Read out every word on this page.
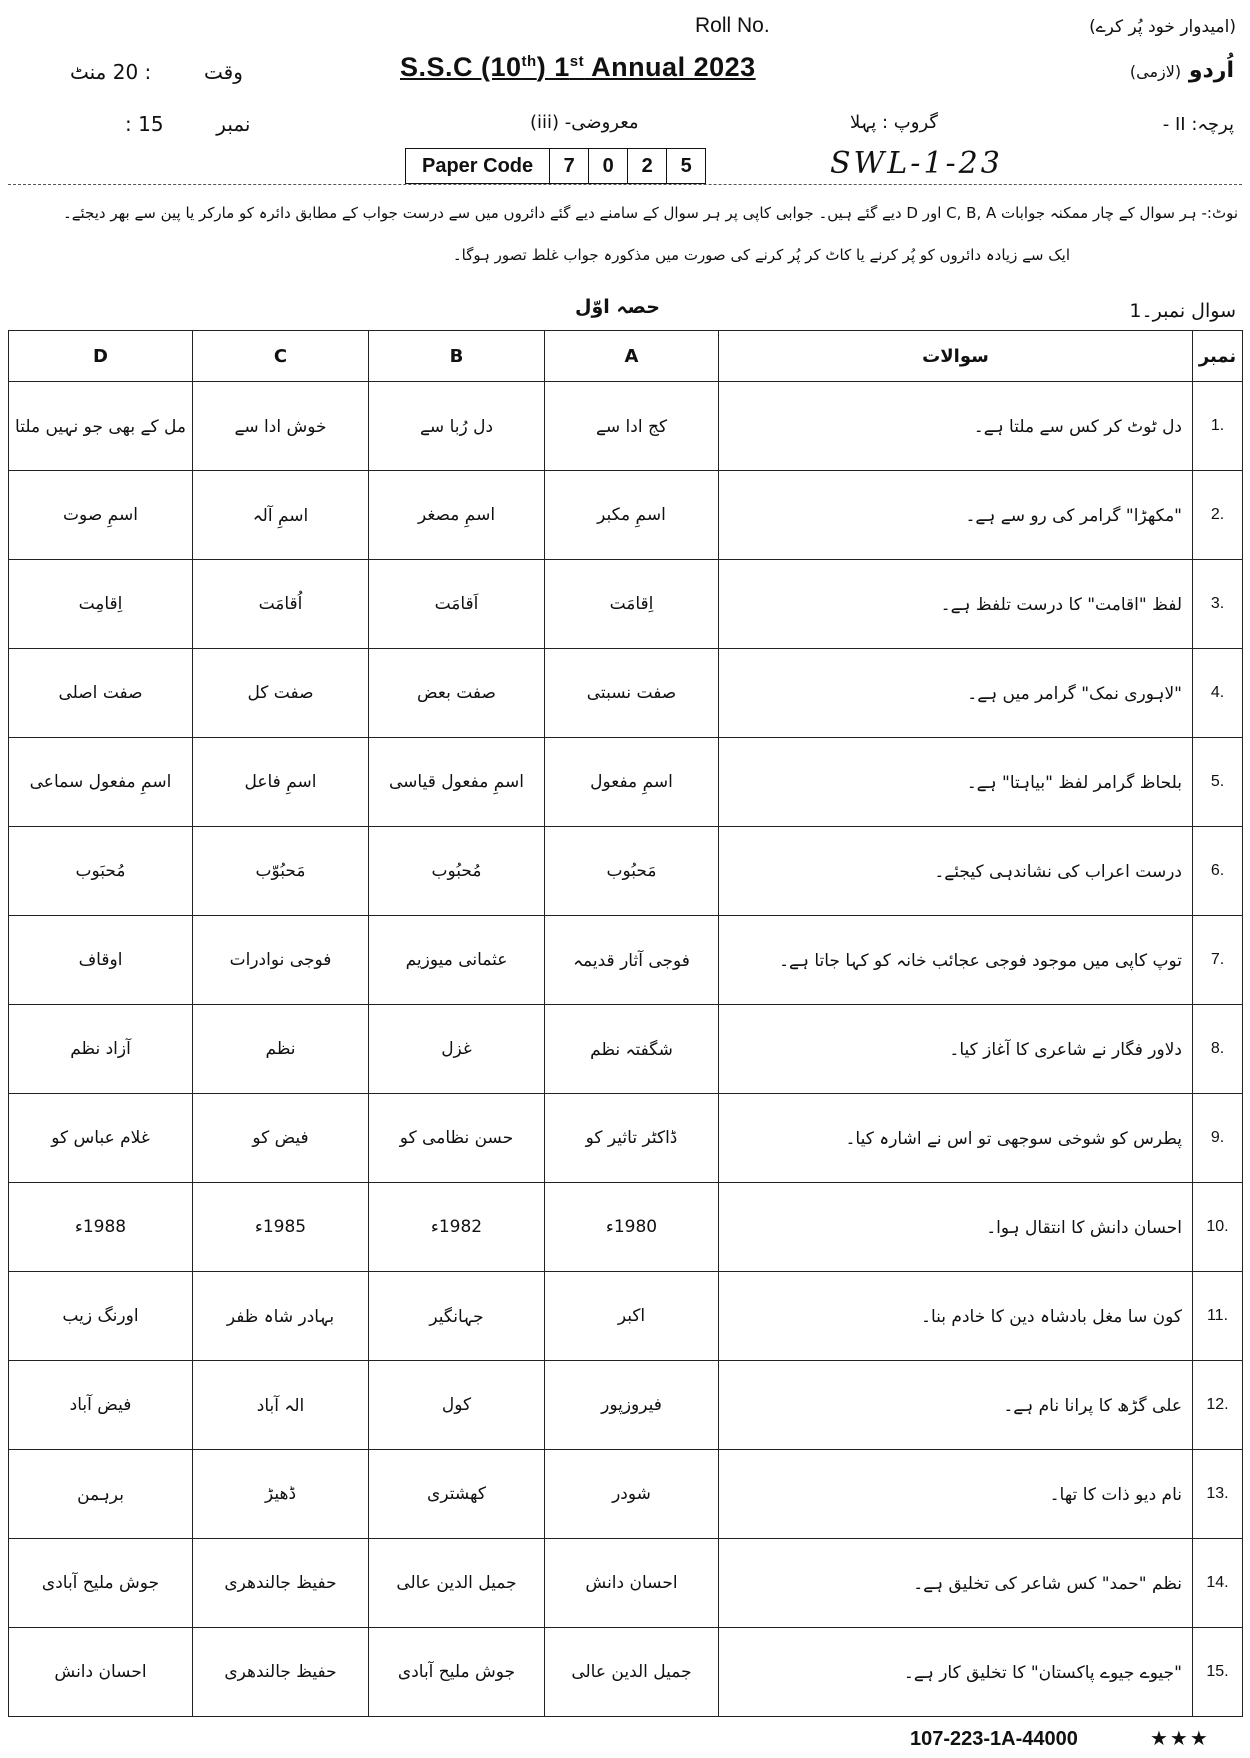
Roll No.	(امیدوار خود پُر کرے)
S.S.C (10th) 1st Annual 2023	اُردو (لازمی)
وقت  : 20 منٹ
نمبر  15 :	پرچہ: II -
گروپ : پہلا
معروضی- (iii)
Paper Code	7	0	2	5	SWL-1-23
نوٹ:- ہر سوال کے چار ممکنہ جوابات C, B, A اور D دیے گئے ہیں۔ جوابی کاپی پر ہر سوال کے سامنے دیے گئے دائروں میں سے درست جواب کے مطابق دائرہ کو مارکر یا پین سے بھر دیجئے۔
ایک سے زیادہ دائروں کو پُر کرنے یا کاٹ کر پُر کرنے کی صورت میں مذکورہ جواب غلط تصور ہوگا۔
سوال نمبر۔1
حصہ اوّل
D	C	B	A	سوالات	نمبر
مل کے بھی جو نہیں ملتا	خوش ادا سے	دل رُبا سے	کج ادا سے	دل ٹوٹ کر کس سے ملتا ہے۔	1.
اسمِ صوت	اسمِ آلہ	اسمِ مصغر	اسمِ مکبر	"مکھڑا" گرامر کی رو سے ہے۔	2.
اِقامِت	اُقامَت	اَقامَت	اِقامَت	لفظ "اقامت" کا درست تلفظ ہے۔	3.
صفت اصلی	صفت کل	صفت بعض	صفت نسبتی	"لاہوری نمک" گرامر میں ہے۔	4.
اسمِ مفعول سماعی	اسمِ فاعل	اسمِ مفعول قیاسی	اسمِ مفعول	بلحاظ گرامر لفظ "بیاہتا" ہے۔	5.
مُحبَوب	مَحبُوّب	مُحبُوب	مَحبُوب	درست اعراب کی نشاندہی کیجئے۔	6.
اوقاف	فوجی نوادرات	عثمانی میوزیم	فوجی آثار قدیمہ	توپ کاپی میں موجود فوجی عجائب خانہ کو کہا جاتا ہے۔	7.
آزاد نظم	نظم	غزل	شگفتہ نظم	دلاور فگار نے شاعری کا آغاز کیا۔	8.
غلام عباس کو	فیض کو	حسن نظامی کو	ڈاکٹر تاثیر کو	پطرس کو شوخی سوجھی تو اس نے اشارہ کیا۔	9.
1988ء	1985ء	1982ء	1980ء	احسان دانش کا انتقال ہوا۔	10.
اورنگ زیب	بہادر شاہ ظفر	جہانگیر	اکبر	کون سا مغل بادشاہ دین کا خادم بنا۔	11.
فیض آباد	الہ آباد	کول	فیروزپور	علی گڑھ کا پرانا نام ہے۔	12.
برہمن	ڈھیڑ	کھشتری	شودر	نام دیو ذات کا تھا۔	13.
جوش ملیح آبادی	حفیظ جالندھری	جمیل الدین عالی	احسان دانش	نظم "حمد" کس شاعر کی تخلیق ہے۔	14.
احسان دانش	حفیظ جالندھری	جوش ملیح آبادی	جمیل الدین عالی	"جیوے جیوے پاکستان" کا تخلیق کار ہے۔	15.
107-223-1A-44000	★★★
